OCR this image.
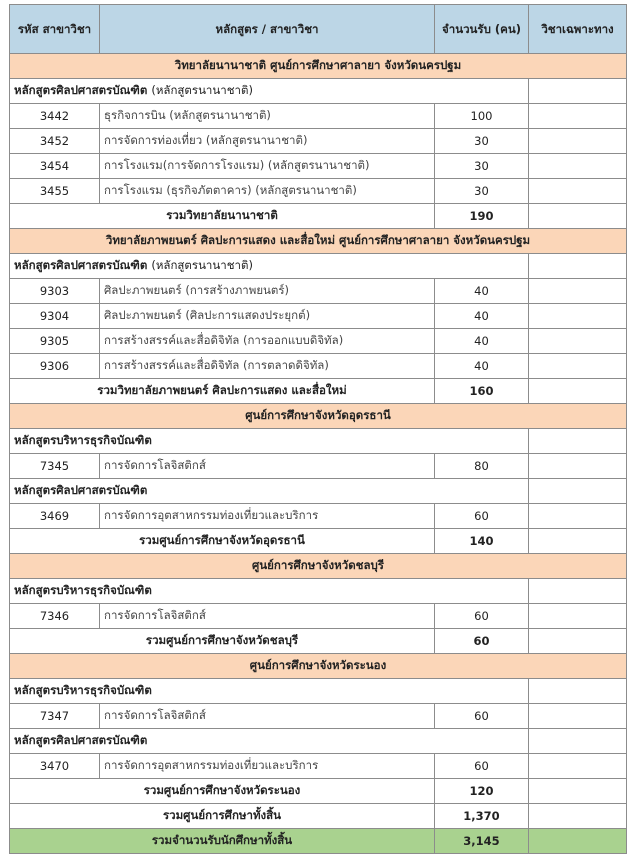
รหัส สาขาวิชา	หลักสูตร / สาขาวิชา	จำนวนรับ (คน)	วิชาเฉพาะทาง
วิทยาลัยนานาชาติ ศูนย์การศึกษาศาลายา จังหวัดนครปฐม			
หลักสูตรศิลปศาสตรบัณฑิต (หลักสูตรนานาชาติ)			
3442	ธุรกิจการบิน (หลักสูตรนานาชาติ)	100	
3452	การจัดการท่องเที่ยว (หลักสูตรนานาชาติ)	30	
3454	การโรงแรม(การจัดการโรงแรม) (หลักสูตรนานาชาติ)	30	
3455	การโรงแรม (ธุรกิจภัตตาคาร) (หลักสูตรนานาชาติ)	30	
รวมวิทยาลัยนานาชาติ		190	
วิทยาลัยภาพยนตร์ ศิลปะการแสดง และสื่อใหม่ ศูนย์การศึกษาศาลายา จังหวัดนครปฐม			
หลักสูตรศิลปศาสตรบัณฑิต (หลักสูตรนานาชาติ)			
9303	ศิลปะภาพยนตร์ (การสร้างภาพยนตร์)	40	
9304	ศิลปะภาพยนตร์ (ศิลปะการแสดงประยุกต์)	40	
9305	การสร้างสรรค์และสื่อดิจิทัล (การออกแบบดิจิทัล)	40	
9306	การสร้างสรรค์และสื่อดิจิทัล (การตลาดดิจิทัล)	40	
รวมวิทยาลัยภาพยนตร์ ศิลปะการแสดง และสื่อใหม่		160	
ศูนย์การศึกษาจังหวัดอุดรธานี			
หลักสูตรบริหารธุรกิจบัณฑิต			
7345	การจัดการโลจิสติกส์	80	
หลักสูตรศิลปศาสตรบัณฑิต			
3469	การจัดการอุตสาหกรรมท่องเที่ยวและบริการ	60	
รวมศูนย์การศึกษาจังหวัดอุดรธานี		140	
ศูนย์การศึกษาจังหวัดชลบุรี			
หลักสูตรบริหารธุรกิจบัณฑิต			
7346	การจัดการโลจิสติกส์	60	
รวมศูนย์การศึกษาจังหวัดชลบุรี		60	
ศูนย์การศึกษาจังหวัดระนอง			
หลักสูตรบริหารธุรกิจบัณฑิต			
7347	การจัดการโลจิสติกส์	60	
หลักสูตรศิลปศาสตรบัณฑิต			
3470	การจัดการอุตสาหกรรมท่องเที่ยวและบริการ	60	
รวมศูนย์การศึกษาจังหวัดระนอง		120	
รวมศูนย์การศึกษาทั้งสิ้น		1,370	
รวมจำนวนรับนักศึกษาทั้งสิ้น		3,145	
